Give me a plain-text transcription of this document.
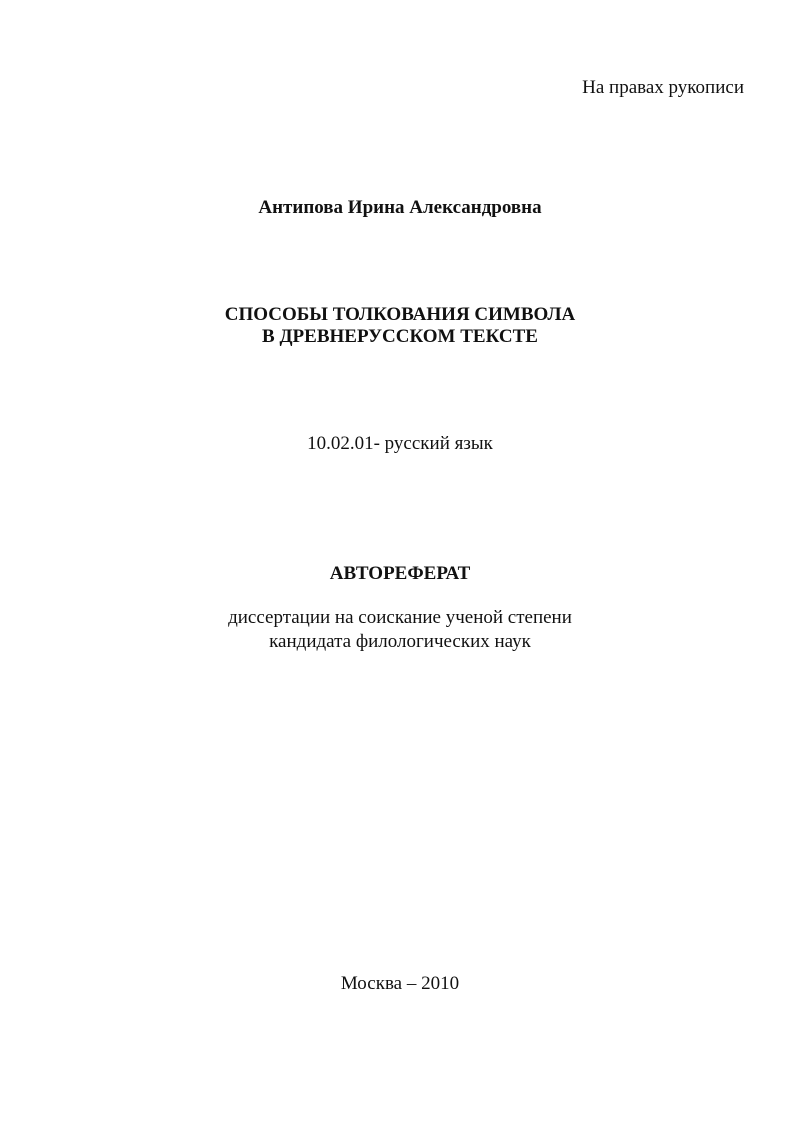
На правах рукописи
Антипова Ирина Александровна
СПОСОБЫ ТОЛКОВАНИЯ СИМВОЛА
В ДРЕВНЕРУССКОМ ТЕКСТЕ
10.02.01- русский язык
АВТОРЕФЕРАТ
диссертации на соискание ученой степени
кандидата филологических наук
Москва – 2010
